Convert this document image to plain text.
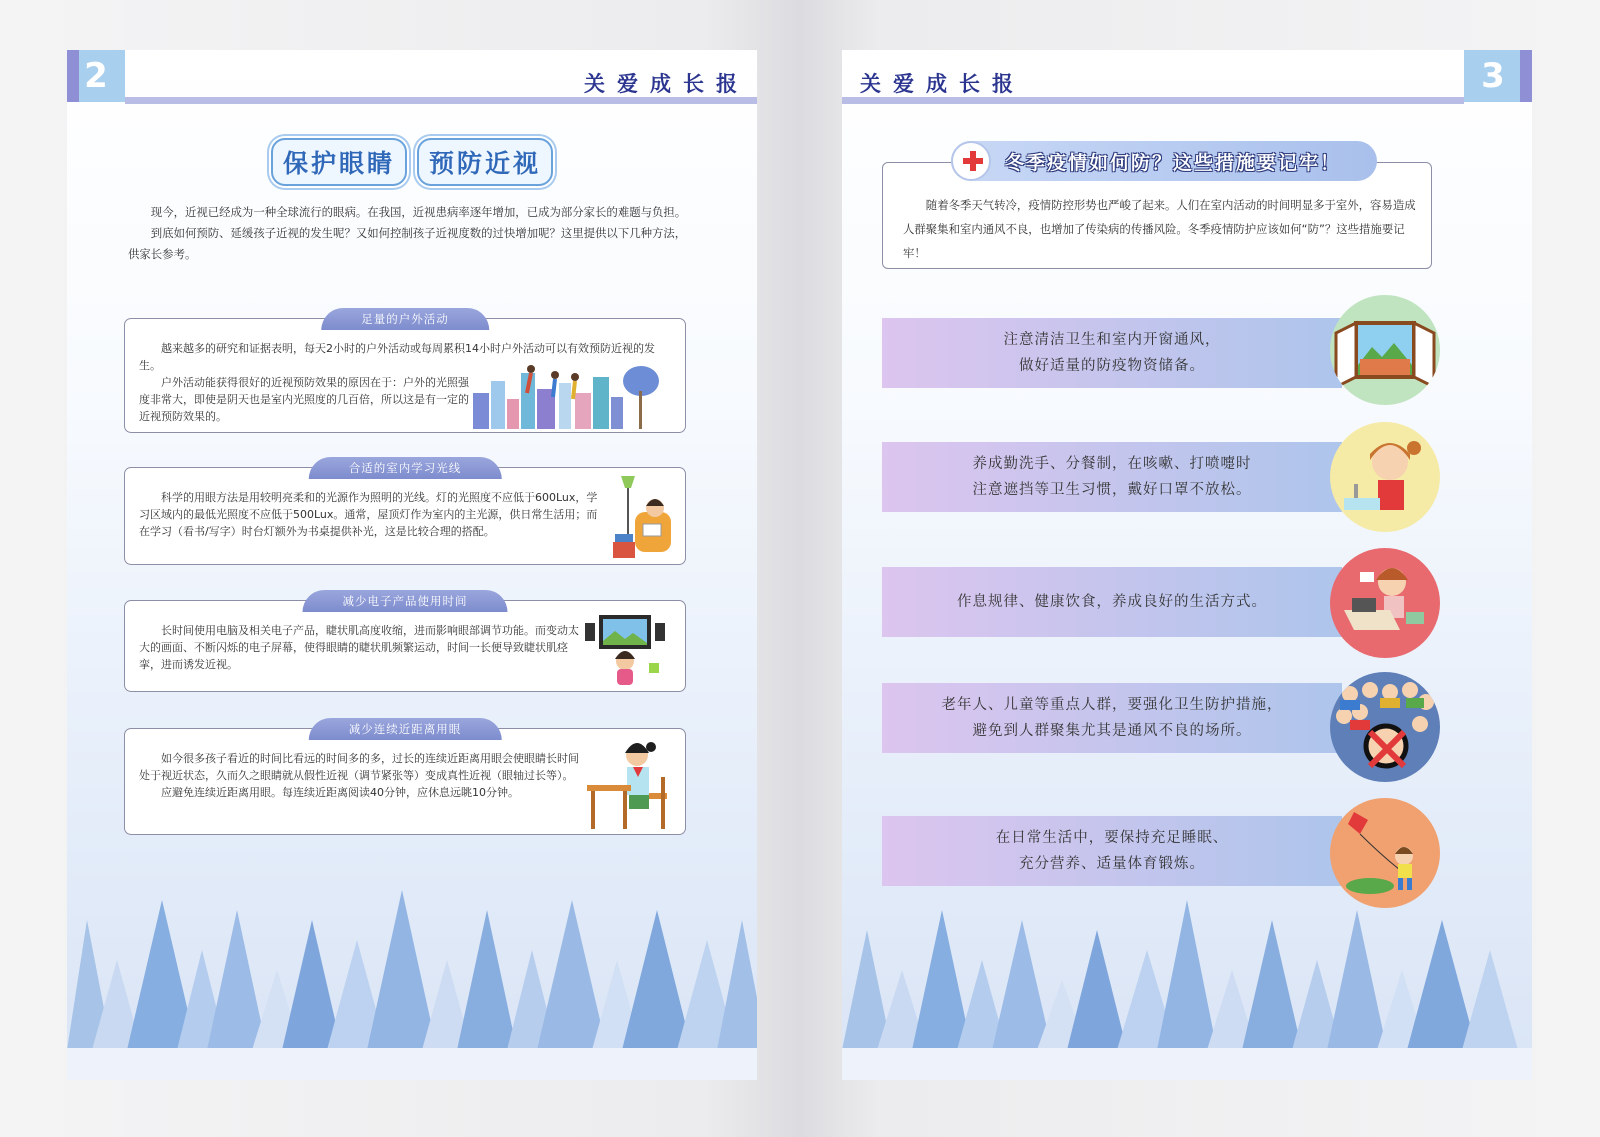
2	关爱成长报
保护眼睛	预防近视

现今，近视已经成为一种全球流行的眼病。在我国，近视患病率逐年增加，已成为部分家长的难题与负担。

到底如何预防、延缓孩子近视的发生呢？又如何控制孩子近视度数的过快增加呢？这里提供以下几种方法，供家长参考。

足量的户外活动

越来越多的研究和证据表明，每天2小时的户外活动或每周累积14小时户外活动可以有效预防近视的发生。

户外活动能获得很好的近视预防效果的原因在于：户外的光照强度非常大，即使是阴天也是室内光照度的几百倍，所以这是有一定的近视预防效果的。

合适的室内学习光线

科学的用眼方法是用较明亮柔和的光源作为照明的光线。灯的光照度不应低于600Lux，学习区域内的最低光照度不应低于500Lux。通常，屋顶灯作为室内的主光源，供日常生活用；而在学习（看书/写字）时台灯额外为书桌提供补光，这是比较合理的搭配。

减少电子产品使用时间

长时间使用电脑及相关电子产品，睫状肌高度收缩，进而影响眼部调节功能。而变动太大的画面、不断闪烁的电子屏幕，使得眼睛的睫状肌频繁运动，时间一长便导致睫状肌痉挛，进而诱发近视。

减少连续近距离用眼

如今很多孩子看近的时间比看远的时间多的多，过长的连续近距离用眼会使眼睛长时间处于视近状态，久而久之眼睛就从假性近视（调节紧张等）变成真性近视（眼轴过长等）。

应避免连续近距离用眼。每连续近距离阅读40分钟，应休息远眺10分钟。

3
关爱成长报
冬季疫情如何防？这些措施要记牢！

随着冬季天气转冷，疫情防控形势也严峻了起来。人们在室内活动的时间明显多于室外，容易造成人群聚集和室内通风不良，也增加了传染病的传播风险。冬季疫情防护应该如何“防”？这些措施要记牢！

注意清洁卫生和室内开窗通风，
做好适量的防疫物资储备。
养成勤洗手、分餐制，在咳嗽、打喷嚏时
注意遮挡等卫生习惯，戴好口罩不放松。
作息规律、健康饮食，养成良好的生活方式。
老年人、儿童等重点人群，要强化卫生防护措施，
避免到人群聚集尤其是通风不良的场所。
在日常生活中，要保持充足睡眠、
充分营养、适量体育锻炼。
